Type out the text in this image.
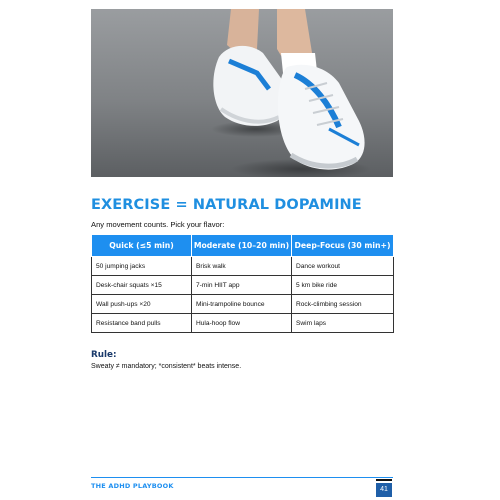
EXERCISE = NATURAL DOPAMINE

Any movement counts. Pick your flavor:

Quick (≤5 min)	Moderate (10–20 min)	Deep-Focus (30 min+)
50 jumping jacks	Brisk walk	Dance workout
Desk-chair squats ×15	7-min HIIT app	5 km bike ride
Wall push-ups ×20	Mini-trampoline bounce	Rock-climbing session
Resistance band pulls	Hula-hoop flow	Swim laps
Rule:

Sweaty ≠ mandatory; *consistent* beats intense.

THE ADHD PLAYBOOK	41
